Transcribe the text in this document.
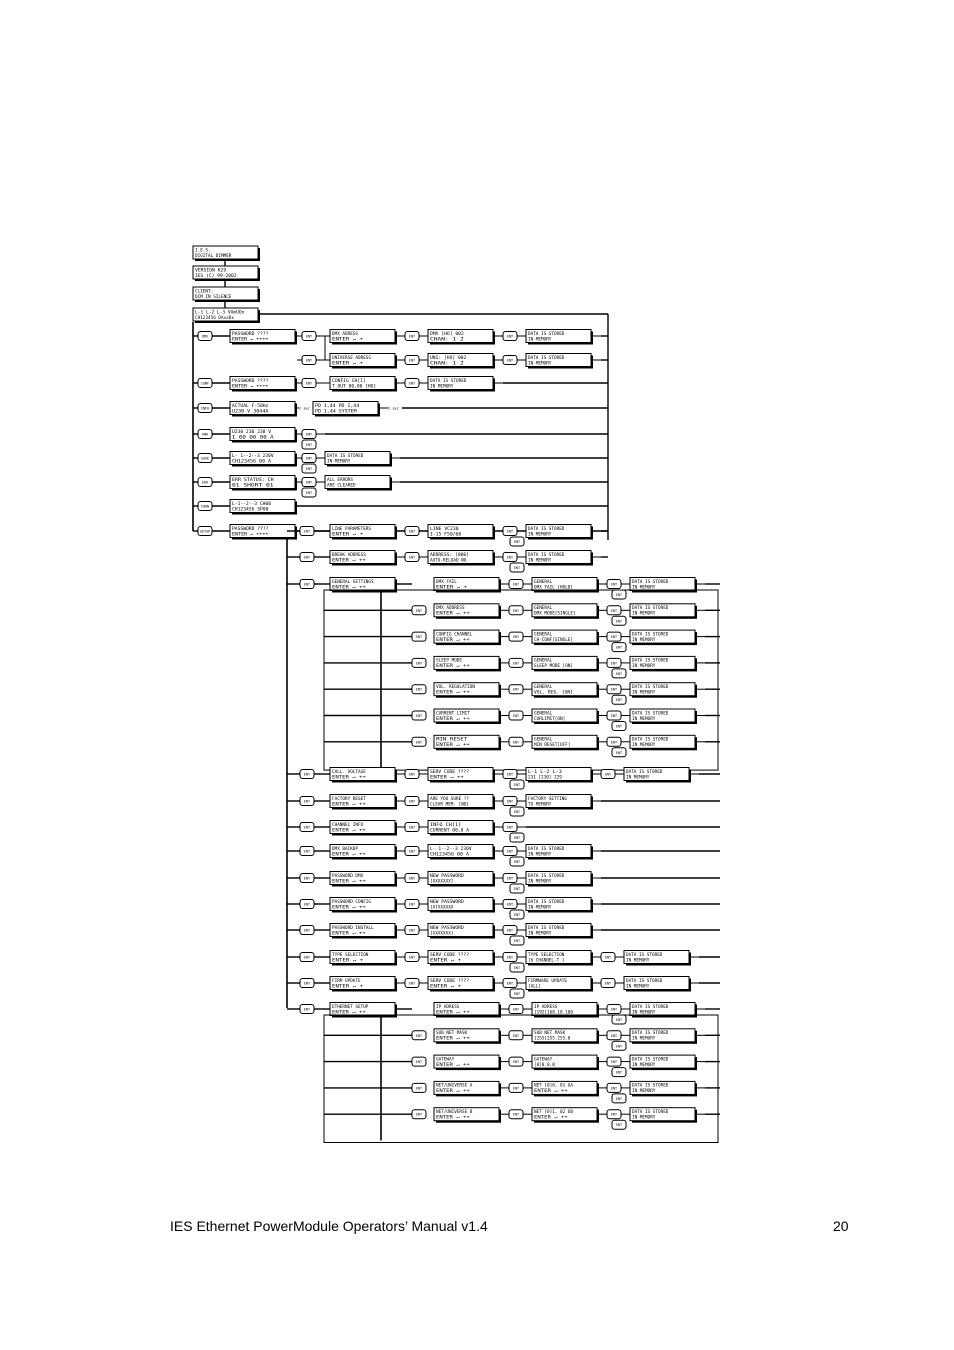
I.E.S.
DIGITAL DIMMER
VERSION K29
IES (C) 99-2002
CLIENT:
DIM IN SILENCE
L-1 L-2 L-3 VAmUOn
CH123456 DAxxDx
DMX	PASSWORD ????
ENTER ↵ ++++
ENT	DMX ADRESS
ENTER ↵ +
ENT	DMX [HO] 002
CHAN: 1 2
ENT	DATA IS STORED
IN MEMORY
ENT	UNIVERSE ADRESS
ENTER ↵ +
ENT	UNI: [HO] 002
CHAN: 1 2
ENT	DATA IS STORED
IN MEMORY
CONF	PASSWORD ????
ENTER ↵ ++++
ENT	CONFIG CH[1]
T_OUT 00,00 [HO]
ENT	DATA IS STORED
IN MEMORY
INFO	ACTUAL F-50Hz
U230 V 3044A
2 sec PD 1,44 PD 1,44
PD 1,44 SYSTEM
2 sec
PWR	U230 230 230 V
I 00 00 00 A
ENT
ENT
SAVE	L- 1--2--3 230V
CH123456 00 A
ENT	DATA IS STORED
IN MEMORY
ENT
ERR	ERR STATUS: CH
01 SHORT 01
ENT	ALL ERRORS
ARE CLEARED
ENT
CHAN	L-1--2--3 CH00
CH123456 SP00
SETUP	PASSWORD ????
ENTER ↵ ++++
ENT	LINE PARAMETERS
ENTER ↵ +
ENT	LINE VC230
I-15 F50/60
ENT	DATA IS STORED
IN MEMORY
ENT
ENT	BREAK ADDRESS
ENTER ↵ ++
ENT	ADDRESS: [000]
AUTO-RELOAD NO.
ENT	DATA IS STORED
IN MEMORY
ENT
ENT	GENERAL SETTINGS
ENTER ↵ ++
DMX FAIL
ENTER ↵ +
ENT	GENERAL
DMX FAIL [HOLD]
ENT	DATA IS STORED
IN MEMORY
ENT
ENT	DMX ADDRESS
ENTER ↵ ++
ENT	GENERAL
DMX MODE[SINGLE]
ENT	DATA IS STORED
IN MEMORY
ENT
ENT	CONFIG CHANNEL
ENTER ↵ ++
ENT	GENERAL
CH-CONF[SINGLE]
ENT	DATA IS STORED
IN MEMORY
ENT
ENT	SLEEP MODE
ENTER ↵ ++
ENT	GENERAL
SLEEP MODE [ON]
ENT	DATA IS STORED
IN MEMORY
ENT
ENT	VOL. REGULATION
ENTER ↵ ++
ENT	GENERAL
VOL. REG. [ON]
ENT	DATA IS STORED
IN MEMORY
ENT
ENT	CURRENT LIMIT
ENTER ↵ ++
ENT	GENERAL
CURLIMIT[ON]
ENT	DATA IS STORED
IN MEMORY
ENT
ENT	MIN RESET
ENTER ↵ ++
ENT	GENERAL
MIN RESET[OFF]
ENT	DATA IS STORED
IN MEMORY
ENT
ENT	CALL. VOLTAGE
ENTER ↵ ++
ENT	SERV CODE ????
ENTER ↵ ++
ENT	L-1 L-2 L-3
231 [230] 229
ENT	DATA IS STORED
IN MEMORY
ENT
ENT	FACTORY RESET
ENTER ↵ ++
ENT	ARE YOU SURE ??
CLEAR MEM. [NO]
ENT	FACTORY SETTING
TO MEMORY
ENT
ENT	CHANNEL INFO
ENTER ↵ ++
ENT	INFO CH[1]
CURRENT 00,0 A
ENT
ENT
ENT	DMX BACKUP
ENTER ↵ ++
ENT	L- 1--2--3 230V
CH123456 00 A
ENT	DATA IS STORED
IN MEMORY
ENT
ENT	PASSWORD DMX
ENTER ↵ ++
ENT	NEW PASSWORD
[XXXXXXX]
ENT	DATA IS STORED
IN MEMORY
ENT
ENT	PASSWORD CONFIG
ENTER ↵ ++
ENT	NEW PASSWORD
[X]XXXXXX
ENT	DATA IS STORED
IN MEMORY
ENT
ENT	PASSWORD INSTALL
ENTER ↵ ++
ENT	NEW PASSWORD
[XXXXXXX]
ENT	DATA IS STORED
IN MEMORY
ENT
ENT	TYPE SELECTION
ENTER ↵ +
ENT	SERV CODE ????
ENTER ↵ +
ENT	TYPE SELECTION
[6 CHANNEL-T ]
ENT	DATA IS STORED
IN MEMORY
ENT
ENT	FIRM UPDATE
ENTER ↵ +
ENT	SERV CODE ????
ENTER ↵ +
ENT	FIRMWARE UPDATE
[ALL]
ENT	DATA IS STORED
IN MEMORY
ENT
ENT	ETHERNET SETUP
ENTER ↵ ++
IP ADRESS
ENTER ↵ ++
ENT	IP ADRESS
[192]168.10.100
ENT	DATA IS STORED
IN MEMORY
ENT
ENT	SUB NET MASK
ENTER ↵ ++
ENT	SUB NET MASK
[255]255.255.0
ENT	DATA IS STORED
IN MEMORY
ENT
ENT	GATEWAY
ENTER ↵ ++
ENT	GATEWAY
[0]0.0.0
ENT	DATA IS STORED
IN MEMORY
ENT
ENT	NET/UNIVERSE A
ENTER ↵ ++
ENT	NET [0]0, 01 UA
ENTER ↵ ++
ENT	DATA IS STORED
IN MEMORY
ENT
ENT	NET/UNIVERSE B
ENTER ↵ ++
ENT	NET [0]1, 02 UB
ENTER ↵ ++
ENT	DATA IS STORED
IN MEMORY
ENT
IES Ethernet PowerModule Operators’ Manual v1.4	20
